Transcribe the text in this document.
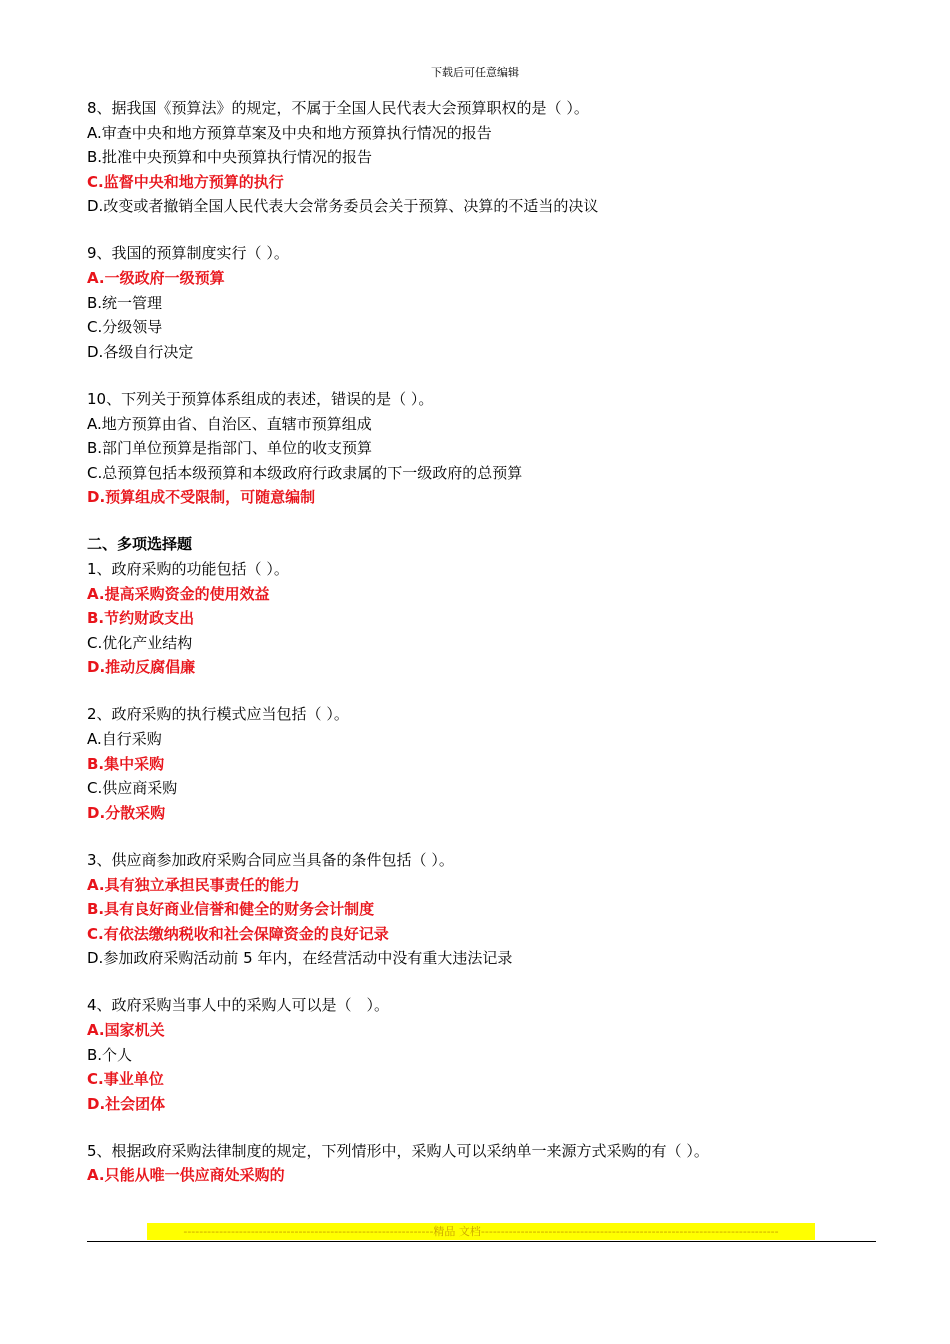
下载后可任意编辑
8、据我国《预算法》的规定，不属于全国人民代表大会预算职权的是（ ）。
A.审查中央和地方预算草案及中央和地方预算执行情况的报告
B.批准中央预算和中央预算执行情况的报告
C.监督中央和地方预算的执行
D.改变或者撤销全国人民代表大会常务委员会关于预算、决算的不适当的决议
9、我国的预算制度实行（ ）。
A.一级政府一级预算
B.统一管理
C.分级领导
D.各级自行决定
10、下列关于预算体系组成的表述，错误的是（ ）。
A.地方预算由省、自治区、直辖市预算组成
B.部门单位预算是指部门、单位的收支预算
C.总预算包括本级预算和本级政府行政隶属的下一级政府的总预算
D.预算组成不受限制，可随意编制
二、多项选择题
1、政府采购的功能包括（ ）。
A.提高采购资金的使用效益
B.节约财政支出
C.优化产业结构
D.推动反腐倡廉
2、政府采购的执行模式应当包括（ ）。
A.自行采购
B.集中采购
C.供应商采购
D.分散采购
3、供应商参加政府采购合同应当具备的条件包括（ ）。
A.具有独立承担民事责任的能力
B.具有良好商业信誉和健全的财务会计制度
C.有依法缴纳税收和社会保障资金的良好记录
D.参加政府采购活动前 5 年内，在经营活动中没有重大违法记录
4、政府采购当事人中的采购人可以是（　）。
A.国家机关
B.个人
C.事业单位
D.社会团体
5、根据政府采购法律制度的规定，下列情形中，采购人可以采纳单一来源方式采购的有（ ）。
A.只能从唯一供应商处采购的
---------------------------------------------------------------精品 文档---------------------------------------------------------------------------
